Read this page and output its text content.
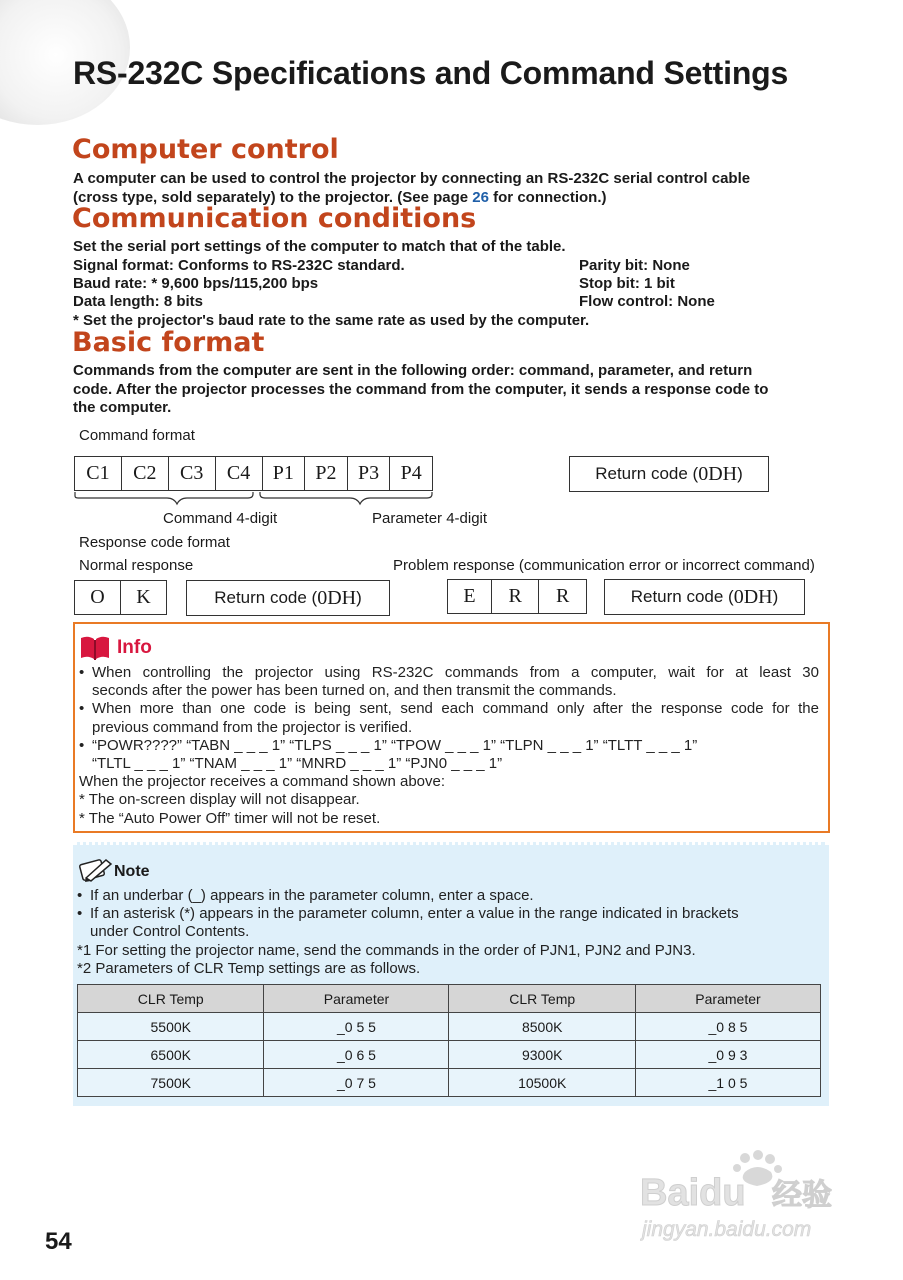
RS-232C Specifications and Command Settings
Computer control
A computer can be used to control the projector by connecting an RS-232C serial control cable
(cross type, sold separately) to the projector. (See page 26 for connection.)
Communication conditions
Set the serial port settings of the computer to match that of the table.
Signal format: Conforms to RS-232C standard.
Baud rate: * 9,600 bps/115,200 bps
Data length: 8 bits
Parity bit: None
Stop bit: 1 bit
Flow control: None
* Set the projector's baud rate to the same rate as used by the computer.
Basic format
Commands from the computer are sent in the following order: command, parameter, and return
code. After the projector processes the command from the computer, it sends a response code to
the computer.
Command format
C1	C2	C3	C4	P1	P2	P3	P4	Return code ( 0DH )
Command 4-digit	Parameter 4-digit
Response code format
Normal response	Problem response (communication error or incorrect command)
O	K	Return code ( 0DH )	E	R	R	Return code ( 0DH )
Info
• When controlling the projector using RS-232C commands from a computer, wait for at least 30
seconds after the power has been turned on, and then transmit the commands.
• When more than one code is being sent, send each command only after the response code for the
previous command from the projector is verified.
• “POWR????” “TABN _ _ _ 1” “TLPS _ _ _ 1” “TPOW _ _ _ 1” “TLPN _ _ _ 1” “TLTT _ _ _ 1”
“TLTL _ _ _ 1” “TNAM _ _ _ 1” “MNRD _ _ _ 1” “PJN0 _ _ _ 1”
When the projector receives a command shown above:
* The on-screen display will not disappear.
* The “Auto Power Off” timer will not be reset.
Note
• If an underbar (_) appears in the parameter column, enter a space.
• If an asterisk (*) appears in the parameter column, enter a value in the range indicated in brackets
under Control Contents.
*1 For setting the projector name, send the commands in the order of PJN1, PJN2 and PJN3.
*2 Parameters of CLR Temp settings are as follows.
CLR Temp	Parameter	CLR Temp	Parameter
5500K	_0 5 5	8500K	_0 8 5
6500K	_0 6 5	9300K	_0 9 3
7500K	_0 7 5	10500K	_1 0 5
Baidu 经验
jingyan.baidu.com
54
